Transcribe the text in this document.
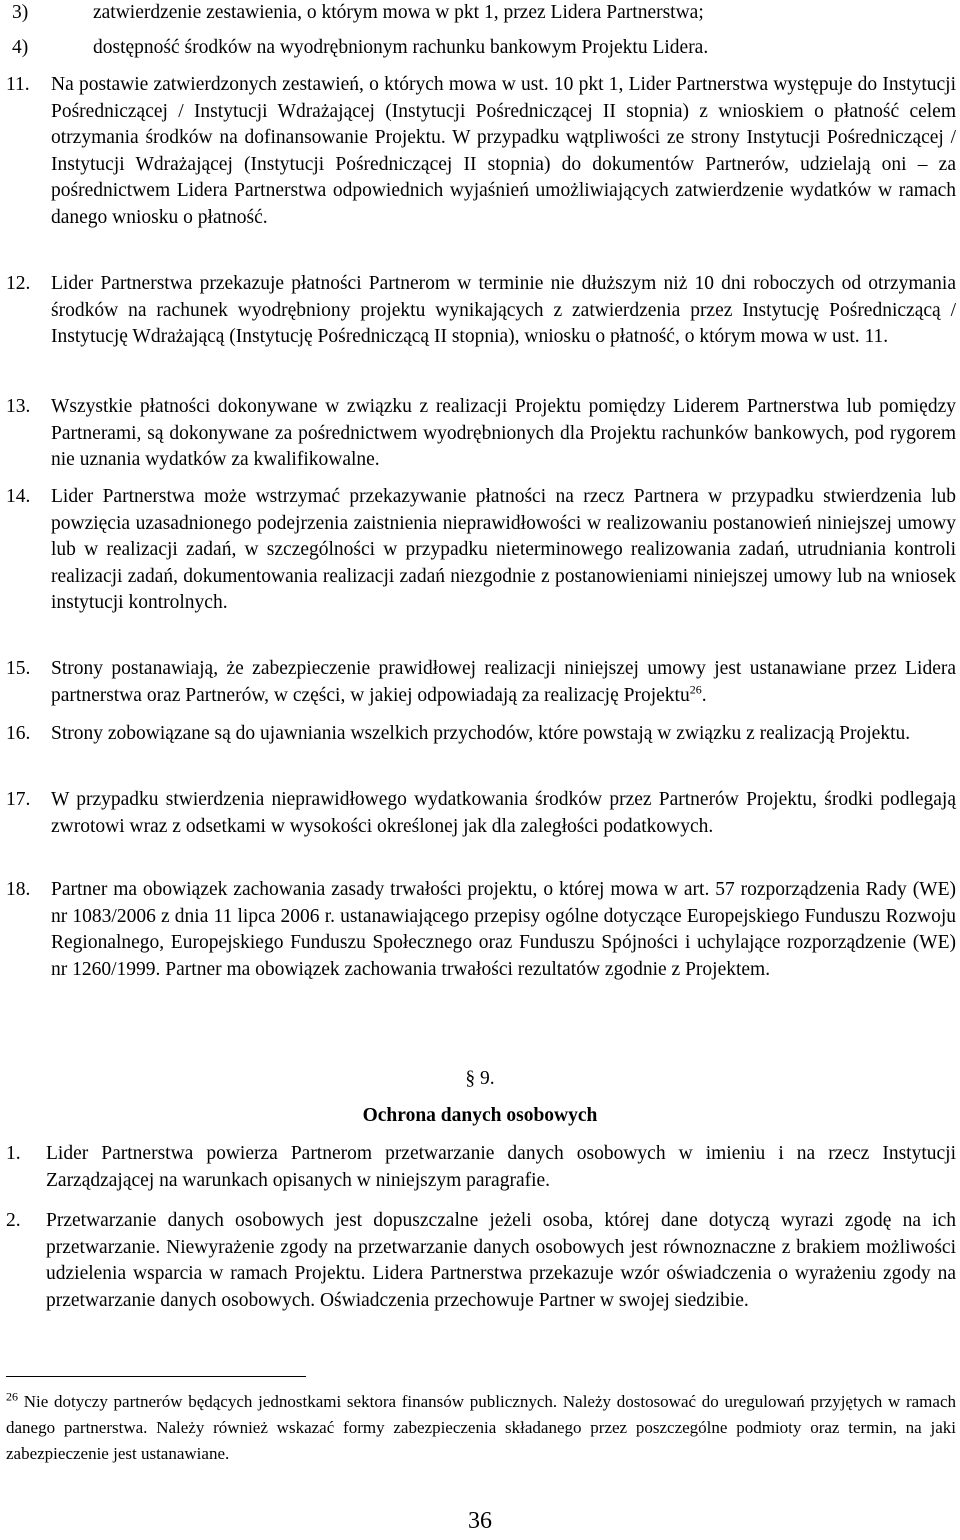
3)	zatwierdzenie zestawienia, o którym mowa w pkt 1, przez Lidera Partnerstwa;
4)	dostępność środków na wyodrębnionym rachunku bankowym Projektu Lidera.
11. Na postawie zatwierdzonych zestawień, o których mowa w ust. 10 pkt 1, Lider Partnerstwa występuje do Instytucji Pośredniczącej / Instytucji Wdrażającej (Instytucji Pośredniczącej II stopnia) z wnioskiem o płatność celem otrzymania środków na dofinansowanie Projektu. W przypadku wątpliwości ze strony Instytucji Pośredniczącej / Instytucji Wdrażającej (Instytucji Pośredniczącej II stopnia) do dokumentów Partnerów, udzielają oni – za pośrednictwem Lidera Partnerstwa odpowiednich wyjaśnień umożliwiających zatwierdzenie wydatków w ramach danego wniosku o płatność.
12. Lider Partnerstwa przekazuje płatności Partnerom w terminie nie dłuższym niż 10 dni roboczych od otrzymania środków na rachunek wyodrębniony projektu wynikających z zatwierdzenia przez Instytucję Pośredniczącą / Instytucję Wdrażającą (Instytucję Pośredniczącą II stopnia), wniosku o płatność, o którym mowa w ust. 11.
13. Wszystkie płatności dokonywane w związku z realizacji Projektu pomiędzy Liderem Partnerstwa lub pomiędzy Partnerami, są dokonywane za pośrednictwem wyodrębnionych dla Projektu rachunków bankowych, pod rygorem nie uznania wydatków za kwalifikowalne.
14. Lider Partnerstwa może wstrzymać przekazywanie płatności na rzecz Partnera w przypadku stwierdzenia lub powzięcia uzasadnionego podejrzenia zaistnienia nieprawidłowości w realizowaniu postanowień niniejszej umowy lub w realizacji zadań, w szczególności w przypadku nieterminowego realizowania zadań, utrudniania kontroli realizacji zadań, dokumentowania realizacji zadań niezgodnie z postanowieniami niniejszej umowy lub na wniosek instytucji kontrolnych.
15. Strony postanawiają, że zabezpieczenie prawidłowej realizacji niniejszej umowy jest ustanawiane przez Lidera partnerstwa oraz Partnerów, w części, w jakiej odpowiadają za realizację Projektu$^{26}$.
16. Strony zobowiązane są do ujawniania wszelkich przychodów, które powstają w związku z realizacją Projektu.
17. W przypadku stwierdzenia nieprawidłowego wydatkowania środków przez Partnerów Projektu, środki podlegają zwrotowi wraz z odsetkami w wysokości określonej jak dla zaległości podatkowych.
18. Partner ma obowiązek zachowania zasady trwałości projektu, o której mowa w art. 57 rozporządzenia Rady (WE) nr 1083/2006 z dnia 11 lipca 2006 r. ustanawiającego przepisy ogólne dotyczące Europejskiego Funduszu Rozwoju Regionalnego, Europejskiego Funduszu Społecznego oraz Funduszu Spójności i uchylające rozporządzenie (WE) nr 1260/1999. Partner ma obowiązek zachowania trwałości rezultatów zgodnie z Projektem.
§ 9.
Ochrona danych osobowych
1. Lider Partnerstwa powierza Partnerom przetwarzanie danych osobowych w imieniu i na rzecz Instytucji Zarządzającej na warunkach opisanych w niniejszym paragrafie.
2. Przetwarzanie danych osobowych jest dopuszczalne jeżeli osoba, której dane dotyczą wyrazi zgodę na ich przetwarzanie. Niewyrażenie zgody na przetwarzanie danych osobowych jest równoznaczne z brakiem możliwości udzielenia wsparcia w ramach Projektu. Lidera Partnerstwa przekazuje wzór oświadczenia o wyrażeniu zgody na przetwarzanie danych osobowych. Oświadczenia przechowuje Partner w swojej siedzibie.
$^{26}$ Nie dotyczy partnerów będących jednostkami sektora finansów publicznych. Należy dostosować do uregulowań przyjętych w ramach danego partnerstwa. Należy również wskazać formy zabezpieczenia składanego przez poszczególne podmioty oraz termin, na jaki zabezpieczenie jest ustanawiane.
36
